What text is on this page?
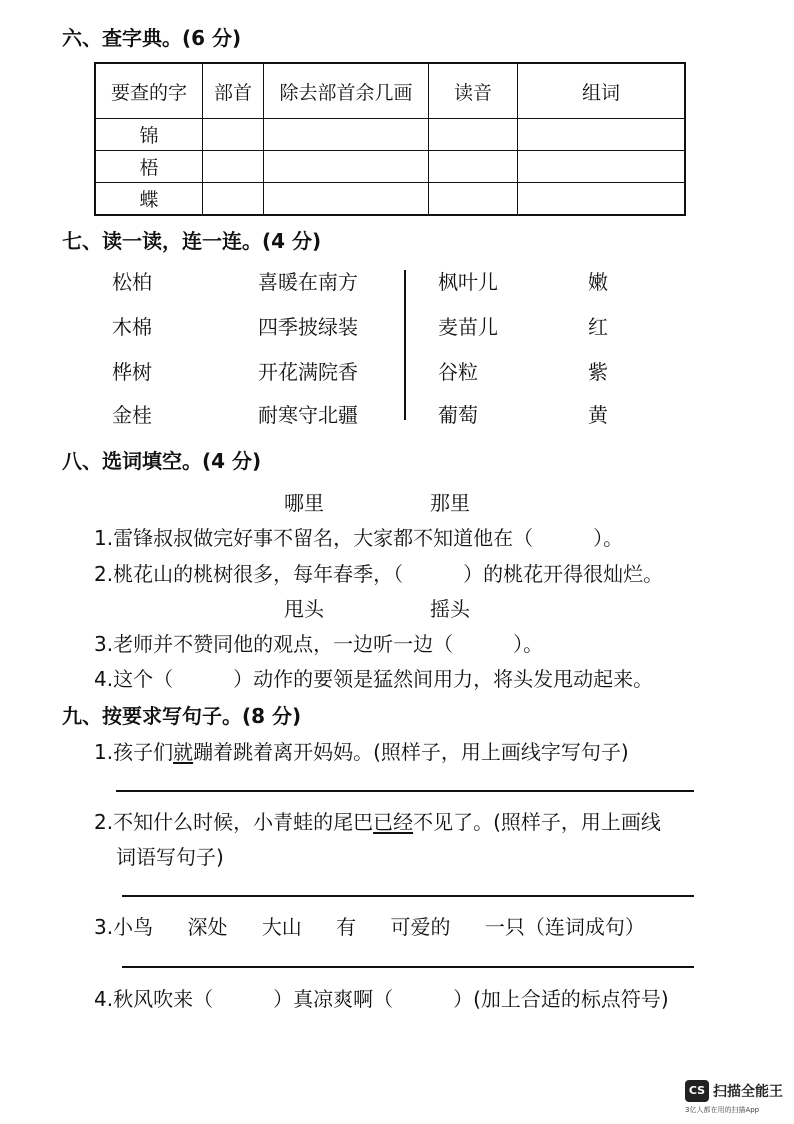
六、查字典。(6 分)
要查的字	部首	除去部首余几画	读音	组词
锦				
梧				
蝶				
七、读一读，连一连。(4 分)
松柏	喜暖在南方
木棉	四季披绿装
桦树	开花满院香
金桂	耐寒守北疆
枫叶儿	嫩
麦苗儿	红
谷粒	紫
葡萄	黄
八、选词填空。(4 分)
哪里	那里
1.雷锋叔叔做完好事不留名，大家都不知道他在（　　　）。
2.桃花山的桃树很多，每年春季，（　　　）的桃花开得很灿烂。
甩头	摇头
3.老师并不赞同他的观点，一边听一边（　　　）。
4.这个（　　　）动作的要领是猛然间用力，将头发甩动起来。
九、按要求写句子。(8 分)
1.孩子们就蹦着跳着离开妈妈。(照样子，用上画线字写句子)
2.不知什么时候，小青蛙的尾巴已经不见了。(照样子，用上画线
词语写句子)
3.小鸟 深处 大山 有 可爱的 一只（连词成句）
4.秋风吹来（　　　）真凉爽啊（　　　）(加上合适的标点符号)
CS 扫描全能王
3亿人都在用的扫描App
